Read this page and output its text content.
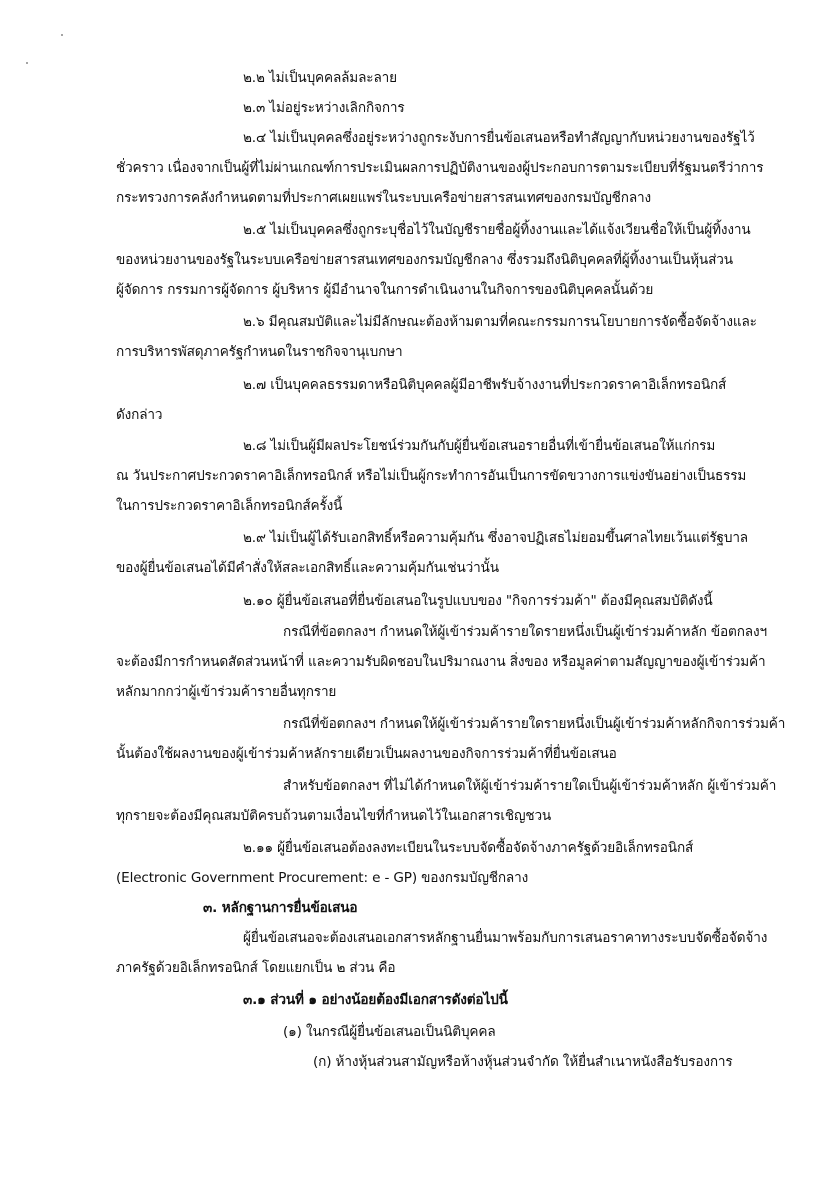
๒.๒ ไม่เป็นบุคคลล้มละลาย
๒.๓ ไม่อยู่ระหว่างเลิกกิจการ
๒.๔ ไม่เป็นบุคคลซึ่งอยู่ระหว่างถูกระงับการยื่นข้อเสนอหรือทำสัญญากับหน่วยงานของรัฐไว้
ชั่วคราว เนื่องจากเป็นผู้ที่ไม่ผ่านเกณฑ์การประเมินผลการปฏิบัติงานของผู้ประกอบการตามระเบียบที่รัฐมนตรีว่าการ
กระทรวงการคลังกำหนดตามที่ประกาศเผยแพร่ในระบบเครือข่ายสารสนเทศของกรมบัญชีกลาง
๒.๕ ไม่เป็นบุคคลซึ่งถูกระบุชื่อไว้ในบัญชีรายชื่อผู้ทิ้งงานและได้แจ้งเวียนชื่อให้เป็นผู้ทิ้งงาน
ของหน่วยงานของรัฐในระบบเครือข่ายสารสนเทศของกรมบัญชีกลาง ซึ่งรวมถึงนิติบุคคลที่ผู้ทิ้งงานเป็นหุ้นส่วน
ผู้จัดการ กรรมการผู้จัดการ ผู้บริหาร ผู้มีอำนาจในการดำเนินงานในกิจการของนิติบุคคลนั้นด้วย
๒.๖ มีคุณสมบัติและไม่มีลักษณะต้องห้ามตามที่คณะกรรมการนโยบายการจัดซื้อจัดจ้างและ
การบริหารพัสดุภาครัฐกำหนดในราชกิจจานุเบกษา
๒.๗ เป็นบุคคลธรรมดาหรือนิติบุคคลผู้มีอาชีพรับจ้างงานที่ประกวดราคาอิเล็กทรอนิกส์
ดังกล่าว
๒.๘ ไม่เป็นผู้มีผลประโยชน์ร่วมกันกับผู้ยื่นข้อเสนอรายอื่นที่เข้ายื่นข้อเสนอให้แก่กรม
ณ วันประกาศประกวดราคาอิเล็กทรอนิกส์ หรือไม่เป็นผู้กระทำการอันเป็นการขัดขวางการแข่งขันอย่างเป็นธรรม
ในการประกวดราคาอิเล็กทรอนิกส์ครั้งนี้
๒.๙ ไม่เป็นผู้ได้รับเอกสิทธิ์หรือความคุ้มกัน ซึ่งอาจปฏิเสธไม่ยอมขึ้นศาลไทยเว้นแต่รัฐบาล
ของผู้ยื่นข้อเสนอได้มีคำสั่งให้สละเอกสิทธิ์และความคุ้มกันเช่นว่านั้น
๒.๑๐ ผู้ยื่นข้อเสนอที่ยื่นข้อเสนอในรูปแบบของ "กิจการร่วมค้า" ต้องมีคุณสมบัติดังนี้
กรณีที่ข้อตกลงฯ กำหนดให้ผู้เข้าร่วมค้ารายใดรายหนึ่งเป็นผู้เข้าร่วมค้าหลัก ข้อตกลงฯ
จะต้องมีการกำหนดสัดส่วนหน้าที่ และความรับผิดชอบในปริมาณงาน สิ่งของ หรือมูลค่าตามสัญญาของผู้เข้าร่วมค้า
หลักมากกว่าผู้เข้าร่วมค้ารายอื่นทุกราย
กรณีที่ข้อตกลงฯ กำหนดให้ผู้เข้าร่วมค้ารายใดรายหนึ่งเป็นผู้เข้าร่วมค้าหลักกิจการร่วมค้า
นั้นต้องใช้ผลงานของผู้เข้าร่วมค้าหลักรายเดียวเป็นผลงานของกิจการร่วมค้าที่ยื่นข้อเสนอ
สำหรับข้อตกลงฯ ที่ไม่ได้กำหนดให้ผู้เข้าร่วมค้ารายใดเป็นผู้เข้าร่วมค้าหลัก ผู้เข้าร่วมค้า
ทุกรายจะต้องมีคุณสมบัติครบถ้วนตามเงื่อนไขที่กำหนดไว้ในเอกสารเชิญชวน
๒.๑๑ ผู้ยื่นข้อเสนอต้องลงทะเบียนในระบบจัดซื้อจัดจ้างภาครัฐด้วยอิเล็กทรอนิกส์
(Electronic Government Procurement: e - GP) ของกรมบัญชีกลาง
๓. หลักฐานการยื่นข้อเสนอ
ผู้ยื่นข้อเสนอจะต้องเสนอเอกสารหลักฐานยื่นมาพร้อมกับการเสนอราคาทางระบบจัดซื้อจัดจ้าง
ภาครัฐด้วยอิเล็กทรอนิกส์ โดยแยกเป็น ๒ ส่วน คือ
๓.๑ ส่วนที่ ๑ อย่างน้อยต้องมีเอกสารดังต่อไปนี้
(๑) ในกรณีผู้ยื่นข้อเสนอเป็นนิติบุคคล
(ก) ห้างหุ้นส่วนสามัญหรือห้างหุ้นส่วนจำกัด ให้ยื่นสำเนาหนังสือรับรองการ
